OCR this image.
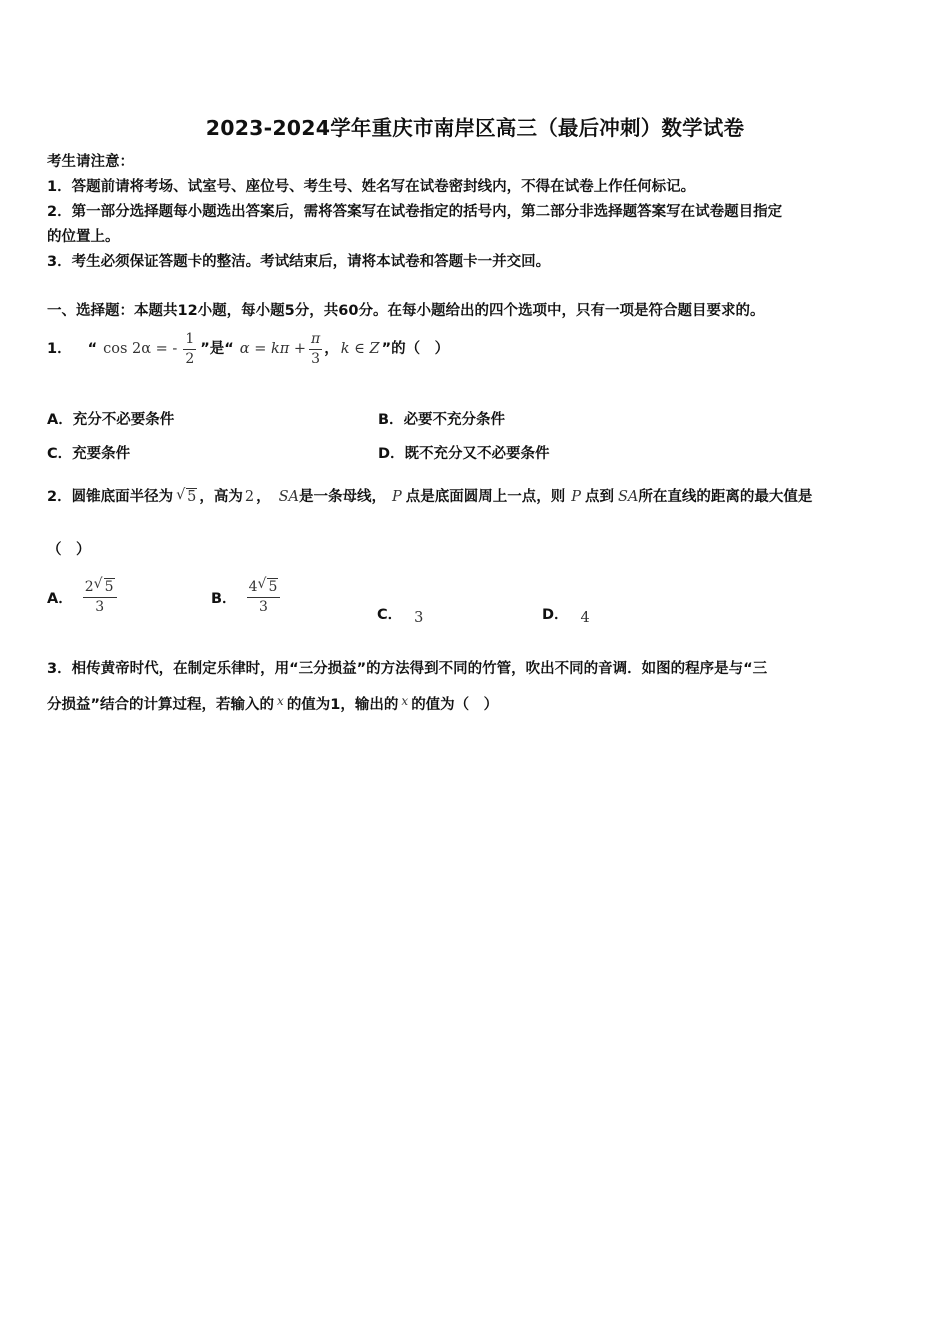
2023-2024学年重庆市南岸区高三（最后冲刺）数学试卷
考生请注意：
1．答题前请将考场、试室号、座位号、考生号、姓名写在试卷密封线内，不得在试卷上作任何标记。
2．第一部分选择题每小题选出答案后，需将答案写在试卷指定的括号内，第二部分非选择题答案写在试卷题目指定
的位置上。
3．考生必须保证答题卡的整洁。考试结束后，请将本试卷和答题卡一并交回。
一、选择题：本题共12小题，每小题5分，共60分。在每小题给出的四个选项中，只有一项是符合题目要求的。
1． “ cos 2α = - $\frac{1}{2}$ ”是“ $\alpha = k\pi + \frac{\pi}{3}$ ， k ∈ Z ”的（　）
A．充分不必要条件	B．必要不充分条件
C．充要条件	D．既不充分又不必要条件
2． 圆锥底面半径为 √ 5 ，高为 2 ， SA 是一条母线， P 点是底面圆周上一点，则 P 点到 SA 所在直线的距离的最大值是
（　）
A． $\frac{2 √ 5}{3}$	B． $\frac{4 √ 5}{3}$	C． 3	D． 4
3．相传黄帝时代，在制定乐律时，用“三分损益”的方法得到不同的竹管，吹出不同的音调．如图的程序是与“三
分损益”结合的计算过程，若输入的 x 的值为1，输出的 x 的值为（　）
